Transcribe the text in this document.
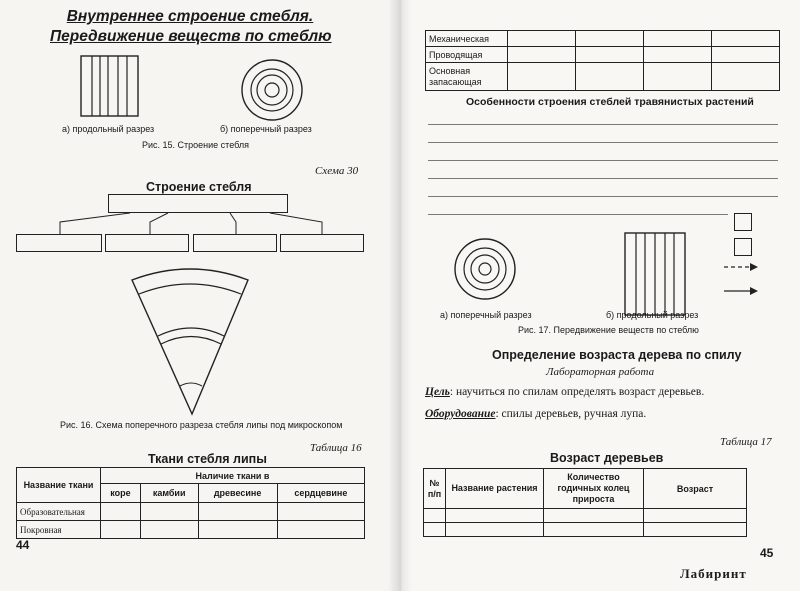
Внутреннее строение стебля.
Передвижение веществ по стеблю
а) продольный разрез	б) поперечный разрез
Рис. 15. Строение стебля
Схема 30
Строение стебля
Рис. 16. Схема поперечного разреза стебля липы под микроскопом
Таблица 16
Ткани стебля липы
Название ткани	Наличие ткани в			
	коре	камбии	древесине	сердцевине
Образовательная				
Покровная				
44
Механическая				
Проводящая				
Основная запасающая				
Особенности строения стеблей травянистых растений
а) поперечный разрез	б) продольный разрез
Рис. 17. Передвижение веществ по стеблю
Определение возраста дерева по спилу
Лабораторная работа
Цель: научиться по спилам определять возраст деревьев.
Оборудование: спилы деревьев, ручная лупа.
Таблица 17
Возраст деревьев
№ п/п	Название растения	Количество годичных колец прироста	Возраст

45
Лабиринт
